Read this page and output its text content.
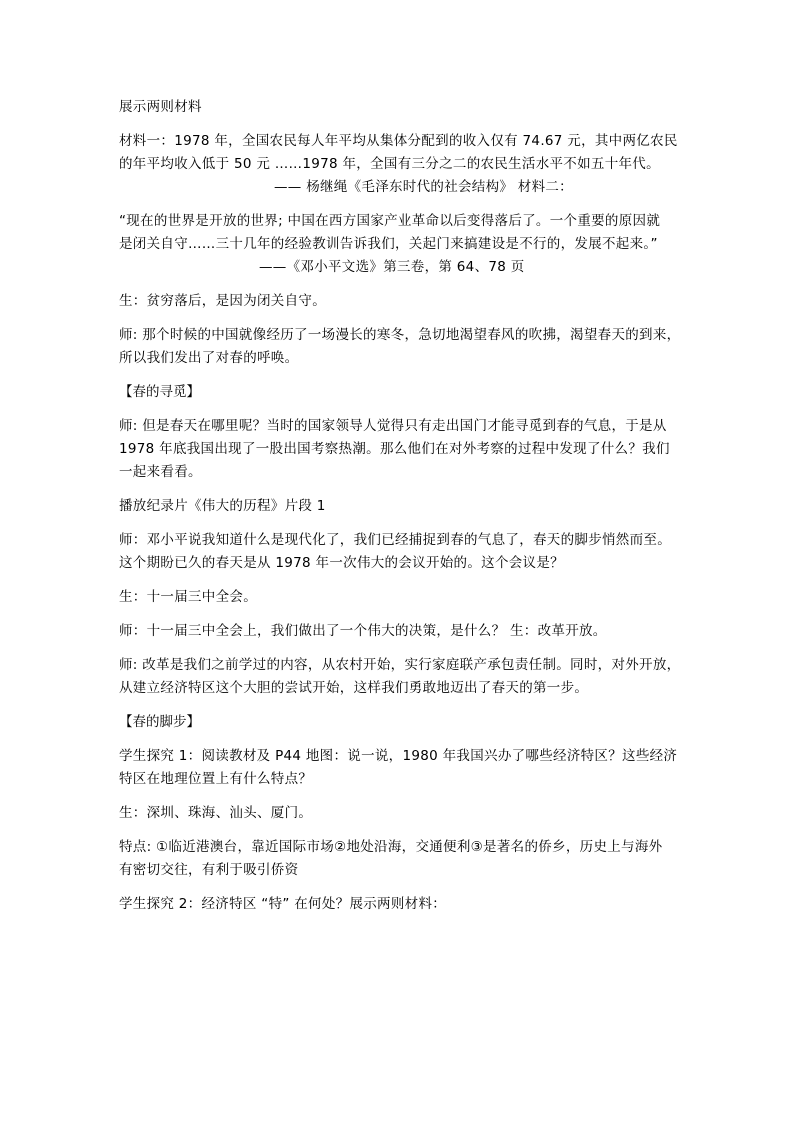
展示两则材料

材料一：1978 年，全国农民每人年平均从集体分配到的收入仅有 74.67 元，其中两亿农民
的年平均收入低于 50 元 ……1978 年，全国有三分之二的农民生活水平不如五十年代。
—— 杨继绳《毛泽东时代的社会结构》 材料二：

“现在的世界是开放的世界; 中国在西方国家产业革命以后变得落后了。一个重要的原因就
是闭关自守……三十几年的经验教训告诉我们，关起门来搞建设是不行的，发展不起来。”
——《邓小平文选》第三卷，第 64、78 页

生：贫穷落后，是因为闭关自守。

师: 那个时候的中国就像经历了一场漫长的寒冬，急切地渴望春风的吹拂，渴望春天的到来，
所以我们发出了对春的呼唤。

【春的寻觅】

师: 但是春天在哪里呢？当时的国家领导人觉得只有走出国门才能寻觅到春的气息，于是从
1978 年底我国出现了一股出国考察热潮。那么他们在对外考察的过程中发现了什么？我们
一起来看看。

播放纪录片《伟大的历程》片段 1

师：邓小平说我知道什么是现代化了，我们已经捕捉到春的气息了，春天的脚步悄然而至。
这个期盼已久的春天是从 1978 年一次伟大的会议开始的。这个会议是？

生：十一届三中全会。

师：十一届三中全会上，我们做出了一个伟大的决策，是什么？ 生：改革开放。

师: 改革是我们之前学过的内容，从农村开始，实行家庭联产承包责任制。同时，对外开放，
从建立经济特区这个大胆的尝试开始，这样我们勇敢地迈出了春天的第一步。

【春的脚步】

学生探究 1：阅读教材及 P44 地图：说一说，1980 年我国兴办了哪些经济特区？这些经济
特区在地理位置上有什么特点？

生：深圳、珠海、汕头、厦门。

特点: ①临近港澳台，靠近国际市场②地处沿海，交通便利③是著名的侨乡，历史上与海外
有密切交往，有利于吸引侨资

学生探究 2：经济特区 “特” 在何处？展示两则材料：
